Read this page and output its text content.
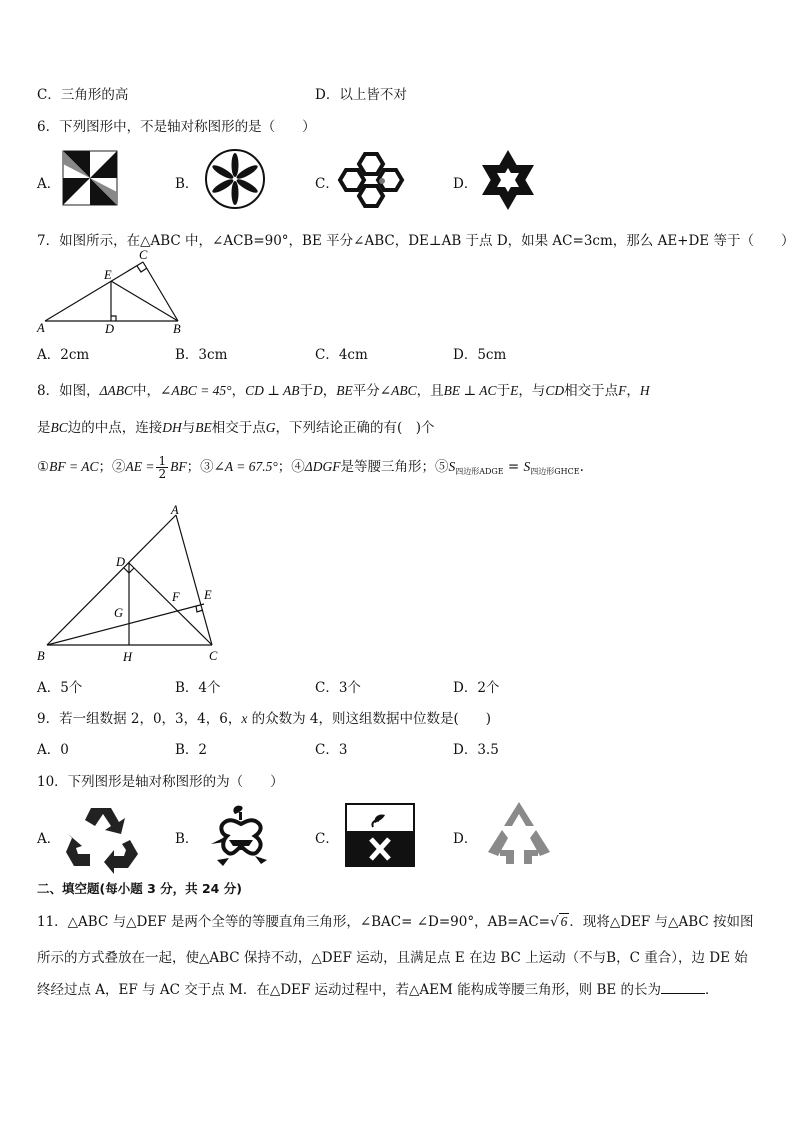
C．三角形的高	D．以上皆不对
6．下列图形中，不是轴对称图形的是（　　）
A．	B．	C．	D．
7．如图所示，在△ABC 中，∠ACB=90°，BE 平分∠ABC，DE⊥AB 于点 D，如果 AC=3cm，那么 AE+DE 等于（　　）
A	B
C
D
E
A．2cm	B．3cm	C．4cm	D．5cm
8．如图，ΔABC中，∠ABC = 45°，CD ⊥ AB于D，BE平分∠ABC，且BE ⊥ AC于E，与CD相交于点F，H
是BC边的中点，连接DH与BE相交于点G，下列结论正确的有(　)个
①BF = AC；②AE = $\frac{1}{2}$ BF；③∠A = 67.5°；④ΔDGF是等腰三角形；$⑤S_{四边形ADGE} = S_{四边形GHCE}$.
A
B	C
D
E
F
G
H
A．5个	B．4个	C．3个	D．2个
9．若一组数据 2，0，3，4，6，x 的众数为 4，则这组数据中位数是(　　)
A．0	B．2	C．3	D．3.5
10．下列图形是轴对称图形的为（　　）
A．	B．	C．	D．
二、填空题(每小题 3 分，共 24 分)
11．△ABC 与△DEF 是两个全等的等腰直角三角形，∠BAC= ∠D=90°，AB=AC=√ 6 ．现将△DEF 与△ABC 按如图
所示的方式叠放在一起，使△ABC 保持不动，△DEF 运动，且满足点 E 在边 BC 上运动（不与B，C 重合），边 DE 始
终经过点 A，EF 与 AC 交于点 M．在△DEF 运动过程中，若△AEM 能构成等腰三角形，则 BE 的长为	．
